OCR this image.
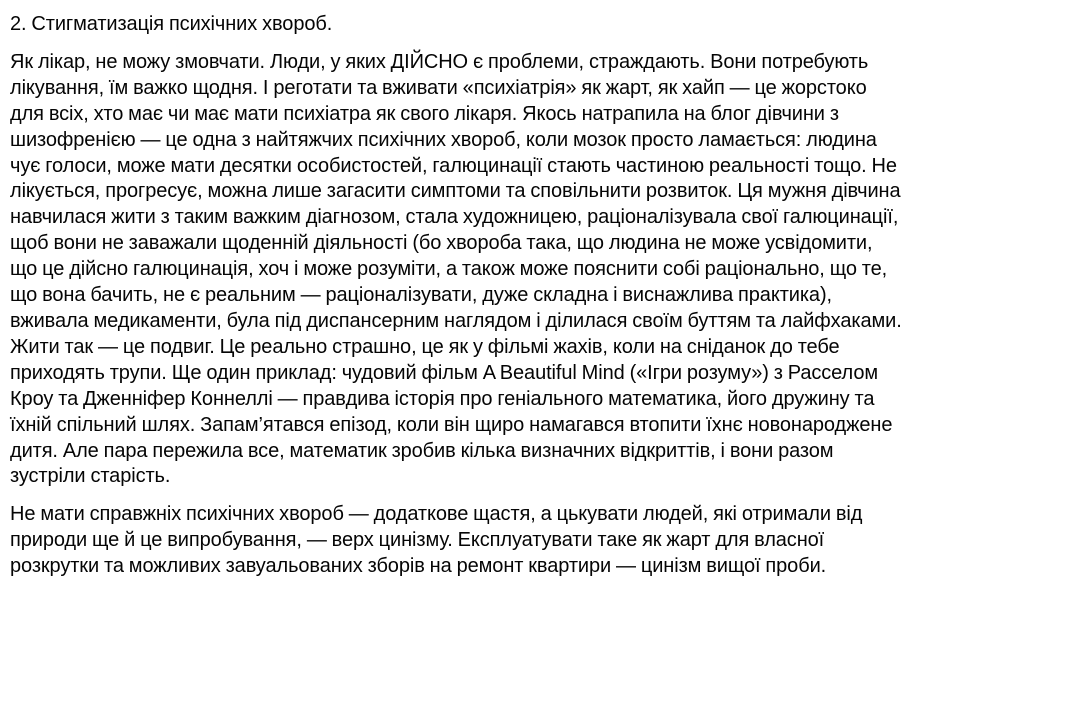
2. Стигматизація психічних хвороб.

Як лікар, не можу змовчати. Люди, у яких ДІЙСНО є проблеми, страждають. Вони потребують
лікування, їм важко щодня. І реготати та вживати «психіатрія» як жарт, як хайп — це жорстоко
для всіх, хто має чи має мати психіатра як свого лікаря. Якось натрапила на блог дівчини з
шизофренією — це одна з найтяжчих психічних хвороб, коли мозок просто ламається: людина
чує голоси, може мати десятки особистостей, галюцинації стають частиною реальності тощо. Не
лікується, прогресує, можна лише загасити симптоми та сповільнити розвиток. Ця мужня дівчина
навчилася жити з таким важким діагнозом, стала художницею, раціоналізувала свої галюцинації,
щоб вони не заважали щоденній діяльності (бо хвороба така, що людина не може усвідомити,
що це дійсно галюцинація, хоч і може розуміти, а також може пояснити собі раціонально, що те,
що вона бачить, не є реальним — раціоналізувати, дуже складна і виснажлива практика),
вживала медикаменти, була під диспансерним наглядом і ділилася своїм буттям та лайфхаками.
Жити так — це подвиг. Це реально страшно, це як у фільмі жахів, коли на сніданок до тебе
приходять трупи. Ще один приклад: чудовий фільм A Beautiful Mind («Ігри розуму») з Расселом
Кроу та Дженніфер Коннеллі — правдива історія про геніального математика, його дружину та
їхній спільний шлях. Запам’ятався епізод, коли він щиро намагався втопити їхнє новонароджене
дитя. Але пара пережила все, математик зробив кілька визначних відкриттів, і вони разом
зустріли старість.

Не мати справжніх психічних хвороб — додаткове щастя, а цькувати людей, які отримали від
природи ще й це випробування, — верх цинізму. Експлуатувати таке як жарт для власної
розкрутки та можливих завуальованих зборів на ремонт квартири — цинізм вищої проби.
